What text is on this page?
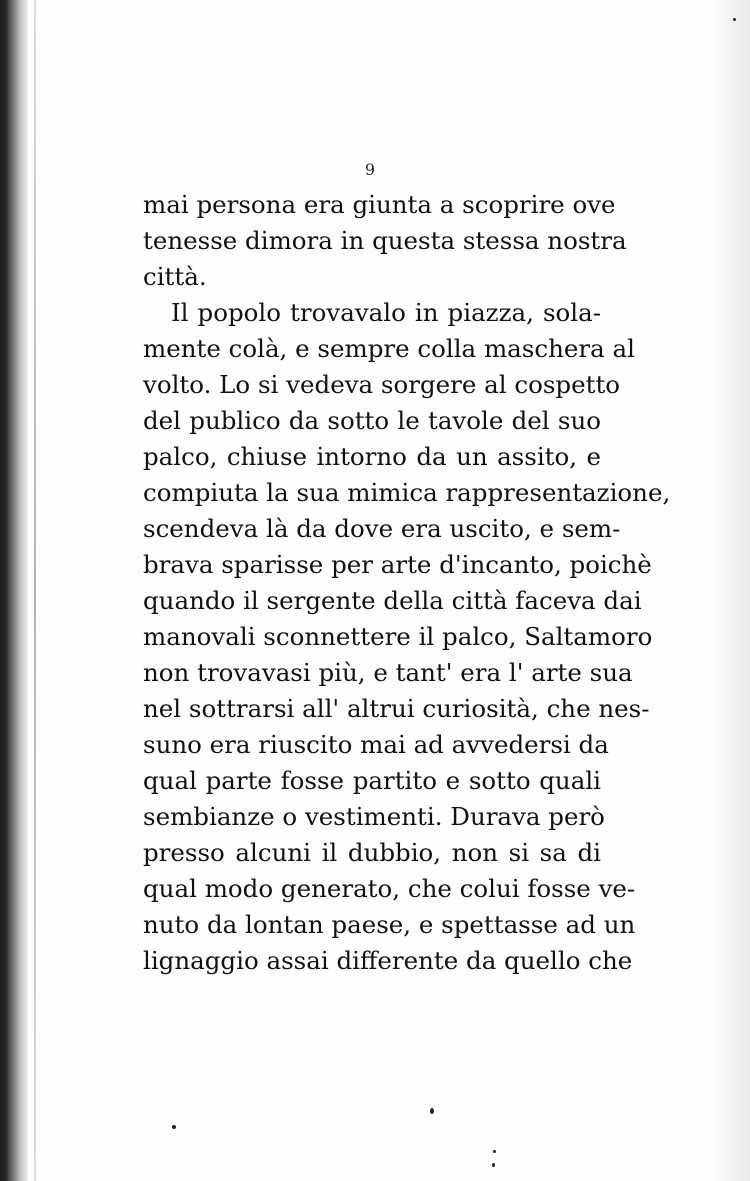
9
mai persona era giunta a scoprire ove
tenesse dimora in questa stessa nostra
città.
Il popolo trovavalo in piazza, sola-
mente colà, e sempre colla maschera al
volto. Lo si vedeva sorgere al cospetto
del publico da sotto le tavole del suo
palco, chiuse intorno da un assito, e
compiuta la sua mimica rappresentazione,
scendeva là da dove era uscito, e sem-
brava sparisse per arte d'incanto, poichè
quando il sergente della città faceva dai
manovali sconnettere il palco, Saltamoro
non trovavasi più, e tant' era l' arte sua
nel sottrarsi all' altrui curiosità, che nes-
suno era riuscito mai ad avvedersi da
qual parte fosse partito e sotto quali
sembianze o vestimenti. Durava però
presso alcuni il dubbio, non si sa di
qual modo generato, che colui fosse ve-
nuto da lontan paese, e spettasse ad un
lignaggio assai differente da quello che
